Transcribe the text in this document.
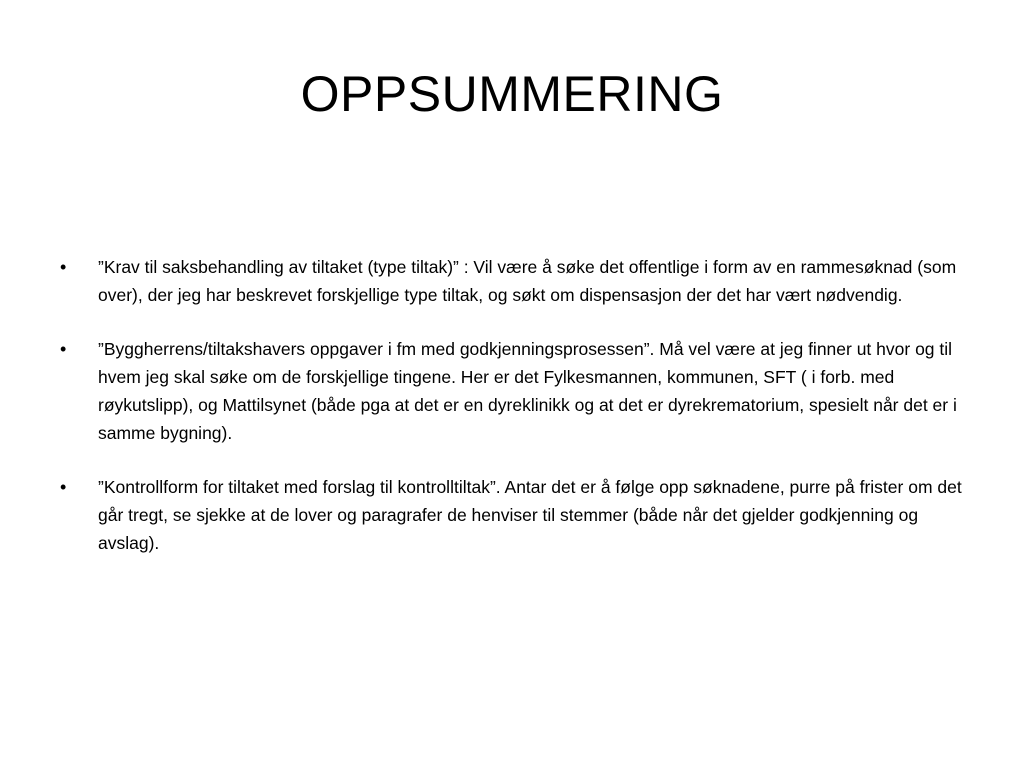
OPPSUMMERING
•	”Krav til saksbehandling av tiltaket (type tiltak)” : Vil være å søke det offentlige i form av en rammesøknad (som over), der jeg har beskrevet forskjellige type tiltak, og søkt om dispensasjon der det har vært nødvendig.
•	”Byggherrens/tiltakshavers oppgaver i fm med godkjenningsprosessen”. Må vel være at jeg finner ut hvor og til hvem jeg skal søke om de forskjellige tingene. Her er det Fylkesmannen, kommunen, SFT ( i forb. med røykutslipp), og Mattilsynet (både pga at det er en dyreklinikk og at det er dyrekrematorium, spesielt når det er i samme bygning).
•	”Kontrollform for tiltaket med forslag til kontrolltiltak”. Antar det er å følge opp søknadene, purre på frister om det går tregt, se sjekke at de lover og paragrafer de henviser til stemmer (både når det gjelder godkjenning og avslag).
